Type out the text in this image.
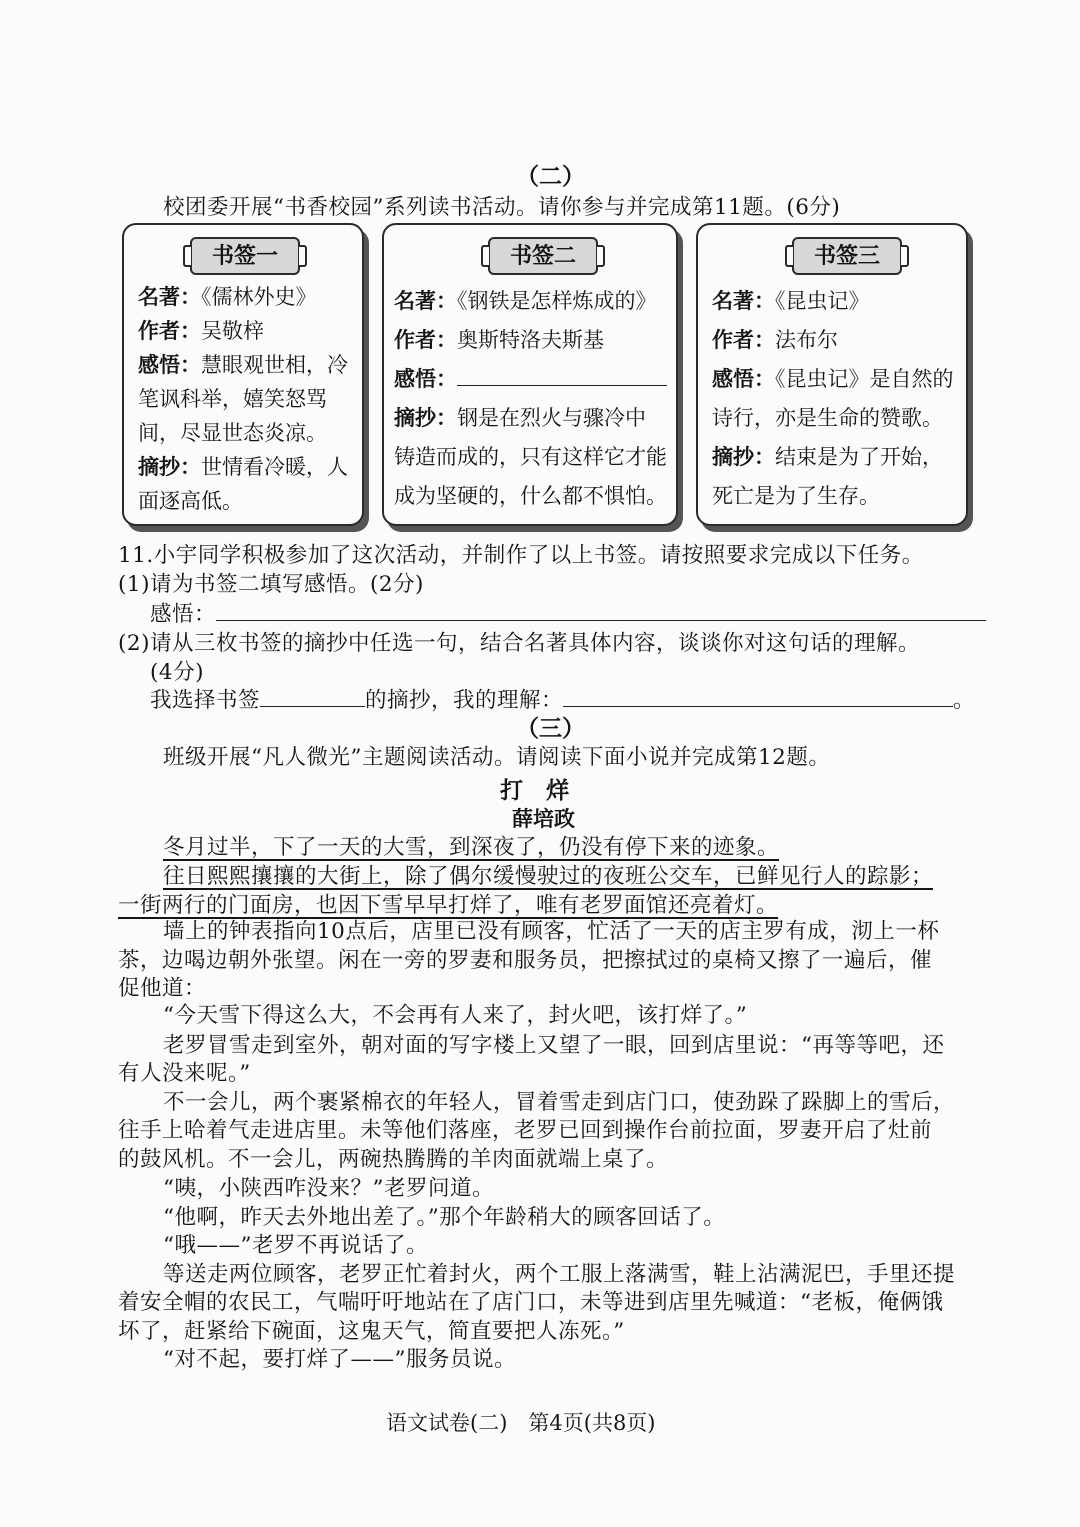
（二）
校团委开展“书香校园”系列读书活动。请你参与并完成第11题。(6分)
书签一
名著：《儒林外史》
作者：吴敬梓
感悟：慧眼观世相，冷
笔讽科举，嬉笑怒骂
间，尽显世态炎凉。
摘抄：世情看冷暖，人
面逐高低。
书签二
名著：《钢铁是怎样炼成的》
作者：奥斯特洛夫斯基
感悟：
摘抄：钢是在烈火与骤冷中
铸造而成的，只有这样它才能
成为坚硬的，什么都不惧怕。
书签三
名著：《昆虫记》
作者：法布尔
感悟：《昆虫记》是自然的
诗行，亦是生命的赞歌。
摘抄：结束是为了开始，
死亡是为了生存。
11.小宇同学积极参加了这次活动，并制作了以上书签。请按照要求完成以下任务。
(1)请为书签二填写感悟。(2分)
感悟：
(2)请从三枚书签的摘抄中任选一句，结合名著具体内容，谈谈你对这句话的理解。
(4分)
我选择书签	的摘抄，我的理解：	。
（三）
班级开展“凡人微光”主题阅读活动。请阅读下面小说并完成第12题。
打　烊
薛培政
冬月过半，下了一天的大雪，到深夜了，仍没有停下来的迹象。
往日熙熙攘攘的大街上，除了偶尔缓慢驶过的夜班公交车，已鲜见行人的踪影；
一街两行的门面房，也因下雪早早打烊了，唯有老罗面馆还亮着灯。
墙上的钟表指向10点后，店里已没有顾客，忙活了一天的店主罗有成，沏上一杯
茶，边喝边朝外张望。闲在一旁的罗妻和服务员，把擦拭过的桌椅又擦了一遍后，催
促他道：
“今天雪下得这么大，不会再有人来了，封火吧，该打烊了。”
老罗冒雪走到室外，朝对面的写字楼上又望了一眼，回到店里说：“再等等吧，还
有人没来呢。”
不一会儿，两个裹紧棉衣的年轻人，冒着雪走到店门口，使劲跺了跺脚上的雪后，
往手上哈着气走进店里。未等他们落座，老罗已回到操作台前拉面，罗妻开启了灶前
的鼓风机。不一会儿，两碗热腾腾的羊肉面就端上桌了。
“咦，小陕西咋没来？”老罗问道。
“他啊，昨天去外地出差了。”那个年龄稍大的顾客回话了。
“哦——”老罗不再说话了。
等送走两位顾客，老罗正忙着封火，两个工服上落满雪，鞋上沾满泥巴，手里还提
着安全帽的农民工，气喘吁吁地站在了店门口，未等进到店里先喊道：“老板，俺俩饿
坏了，赶紧给下碗面，这鬼天气，简直要把人冻死。”
“对不起，要打烊了——”服务员说。
语文试卷(二)　第4页(共8页)
